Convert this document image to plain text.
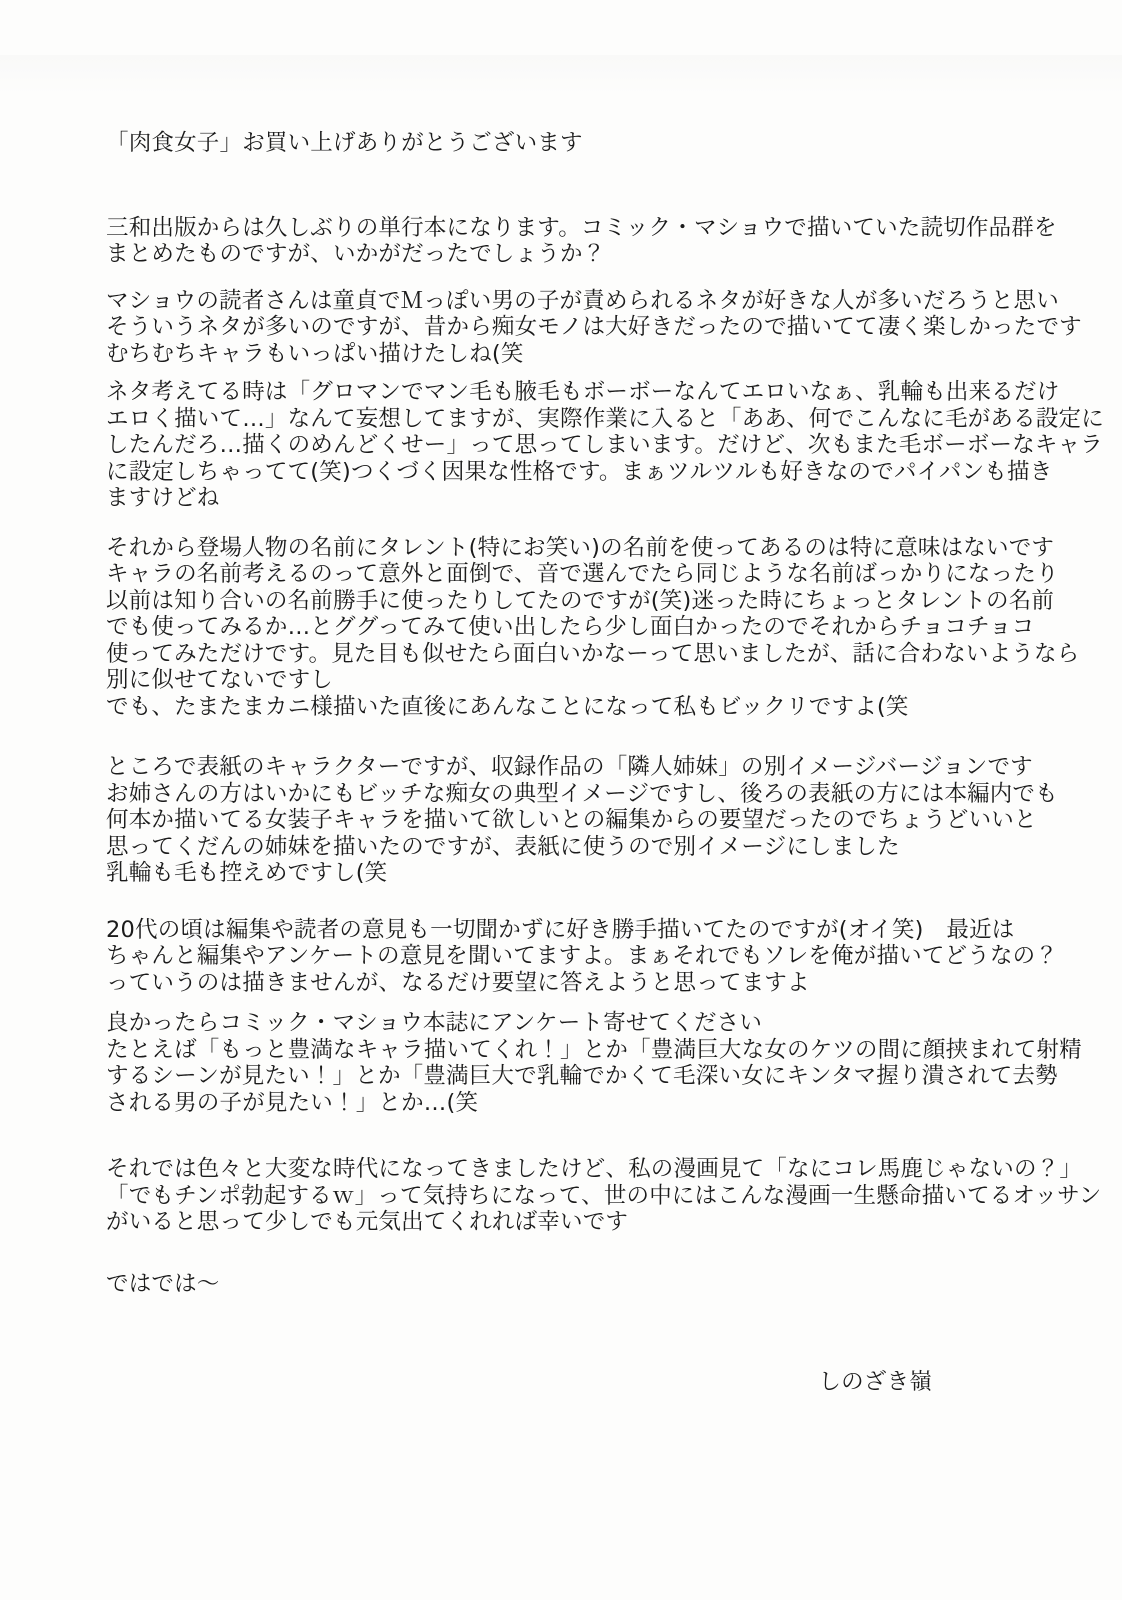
「肉食女子」お買い上げありがとうございます
三和出版からは久しぶりの単行本になります。コミック・マショウで描いていた読切作品群を
まとめたものですが、いかがだったでしょうか？
マショウの読者さんは童貞でＭっぽい男の子が責められるネタが好きな人が多いだろうと思い
そういうネタが多いのですが、昔から痴女モノは大好きだったので描いてて凄く楽しかったです
むちむちキャラもいっぱい描けたしね(笑
ネタ考えてる時は「グロマンでマン毛も腋毛もボーボーなんてエロいなぁ、乳輪も出来るだけ
エロく描いて…」なんて妄想してますが、実際作業に入ると「ああ、何でこんなに毛がある設定に
したんだろ…描くのめんどくせー」って思ってしまいます。だけど、次もまた毛ボーボーなキャラ
に設定しちゃってて(笑)つくづく因果な性格です。まぁツルツルも好きなのでパイパンも描き
ますけどね
それから登場人物の名前にタレント(特にお笑い)の名前を使ってあるのは特に意味はないです
キャラの名前考えるのって意外と面倒で、音で選んでたら同じような名前ばっかりになったり
以前は知り合いの名前勝手に使ったりしてたのですが(笑)迷った時にちょっとタレントの名前
でも使ってみるか…とググってみて使い出したら少し面白かったのでそれからチョコチョコ
使ってみただけです。見た目も似せたら面白いかなーって思いましたが、話に合わないようなら
別に似せてないですし
でも、たまたまカニ様描いた直後にあんなことになって私もビックリですよ(笑
ところで表紙のキャラクターですが、収録作品の「隣人姉妹」の別イメージバージョンです
お姉さんの方はいかにもビッチな痴女の典型イメージですし、後ろの表紙の方には本編内でも
何本か描いてる女装子キャラを描いて欲しいとの編集からの要望だったのでちょうどいいと
思ってくだんの姉妹を描いたのですが、表紙に使うので別イメージにしました
乳輪も毛も控えめですし(笑
20代の頃は編集や読者の意見も一切聞かずに好き勝手描いてたのですが(オイ笑)　最近は
ちゃんと編集やアンケートの意見を聞いてますよ。まぁそれでもソレを俺が描いてどうなの？
っていうのは描きませんが、なるだけ要望に答えようと思ってますよ
良かったらコミック・マショウ本誌にアンケート寄せてください
たとえば「もっと豊満なキャラ描いてくれ！」とか「豊満巨大な女のケツの間に顔挟まれて射精
するシーンが見たい！」とか「豊満巨大で乳輪でかくて毛深い女にキンタマ握り潰されて去勢
される男の子が見たい！」とか…(笑
それでは色々と大変な時代になってきましたけど、私の漫画見て「なにコレ馬鹿じゃないの？」
「でもチンポ勃起するｗ」って気持ちになって、世の中にはこんな漫画一生懸命描いてるオッサン
がいると思って少しでも元気出てくれれば幸いです
ではでは～
しのざき嶺
